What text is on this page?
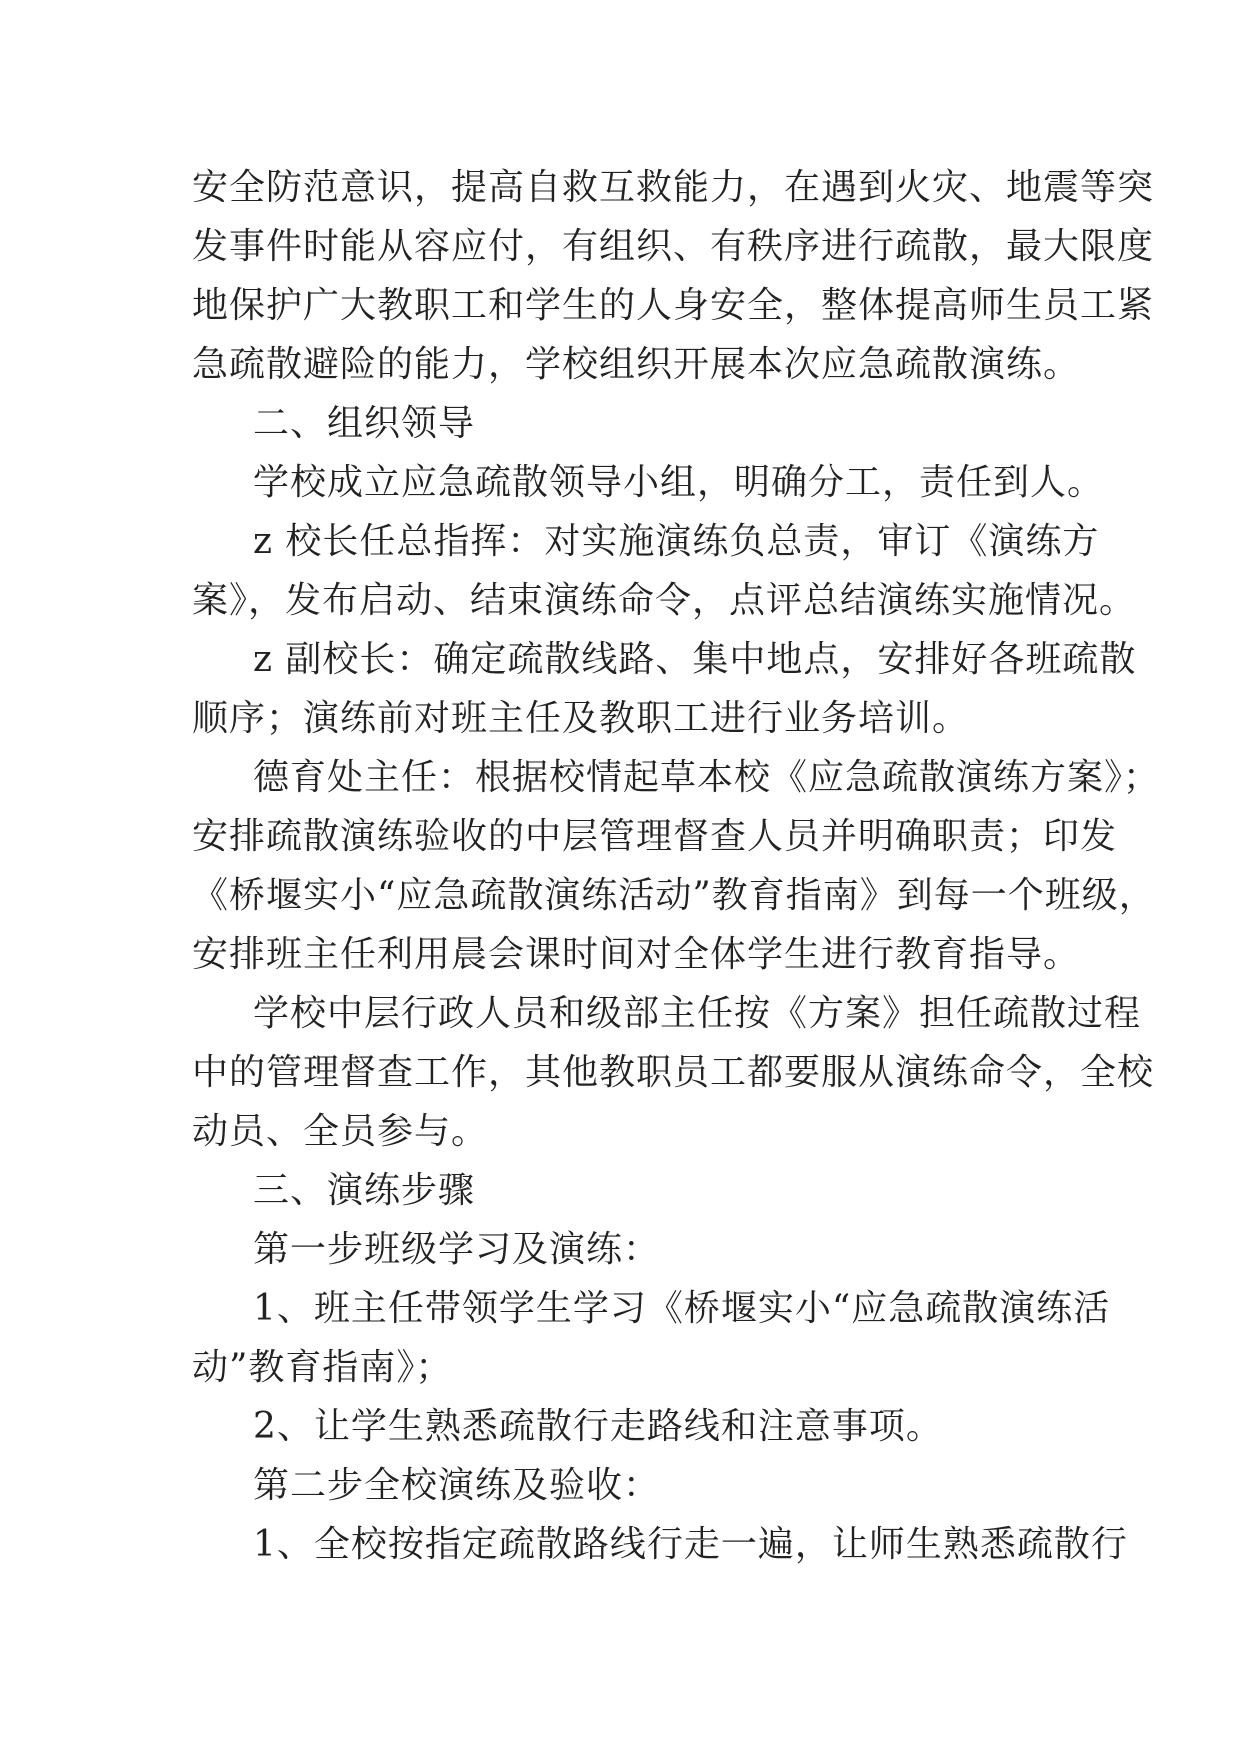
安全防范意识，提高自救互救能力，在遇到火灾、地震等突
发事件时能从容应付，有组织、有秩序进行疏散，最大限度
地保护广大教职工和学生的人身安全，整体提高师生员工紧
急疏散避险的能力，学校组织开展本次应急疏散演练。
二、组织领导
学校成立应急疏散领导小组，明确分工，责任到人。
z 校长任总指挥：对实施演练负总责，审订《演练方
案》，发布启动、结束演练命令，点评总结演练实施情况。
z 副校长：确定疏散线路、集中地点，安排好各班疏散
顺序；演练前对班主任及教职工进行业务培训。
德育处主任：根据校情起草本校《应急疏散演练方案》；
安排疏散演练验收的中层管理督查人员并明确职责；印发
《桥堰实小“应急疏散演练活动”教育指南》到每一个班级，
安排班主任利用晨会课时间对全体学生进行教育指导。
学校中层行政人员和级部主任按《方案》担任疏散过程
中的管理督查工作，其他教职员工都要服从演练命令，全校
动员、全员参与。
三、演练步骤
第一步班级学习及演练：
1、班主任带领学生学习《桥堰实小“应急疏散演练活
动”教育指南》；
2、让学生熟悉疏散行走路线和注意事项。
第二步全校演练及验收：
1、全校按指定疏散路线行走一遍，让师生熟悉疏散行
